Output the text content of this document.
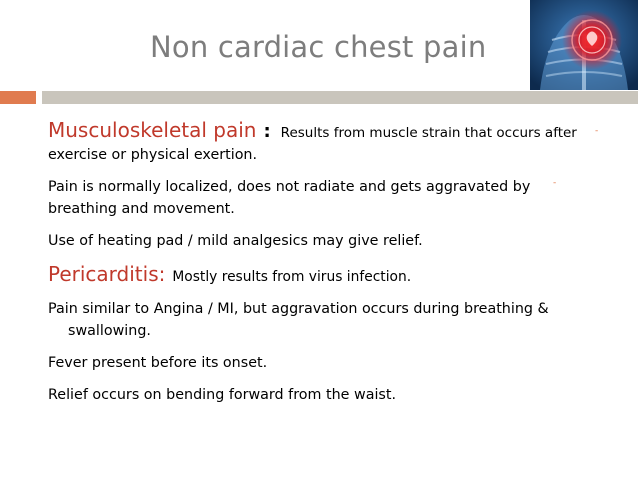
Non cardiac chest pain
-
-
Musculoskeletal pain : Results from muscle strain that occurs after

exercise or physical exertion.

Pain is normally localized, does not radiate and gets aggravated by

breathing and movement.

Use of heating pad / mild analgesics may give relief.

Pericarditis: Mostly results from virus infection.

Pain similar to Angina / MI, but aggravation occurs during breathing &

swallowing.

Fever present before its onset.

Relief occurs on bending forward from the waist.
